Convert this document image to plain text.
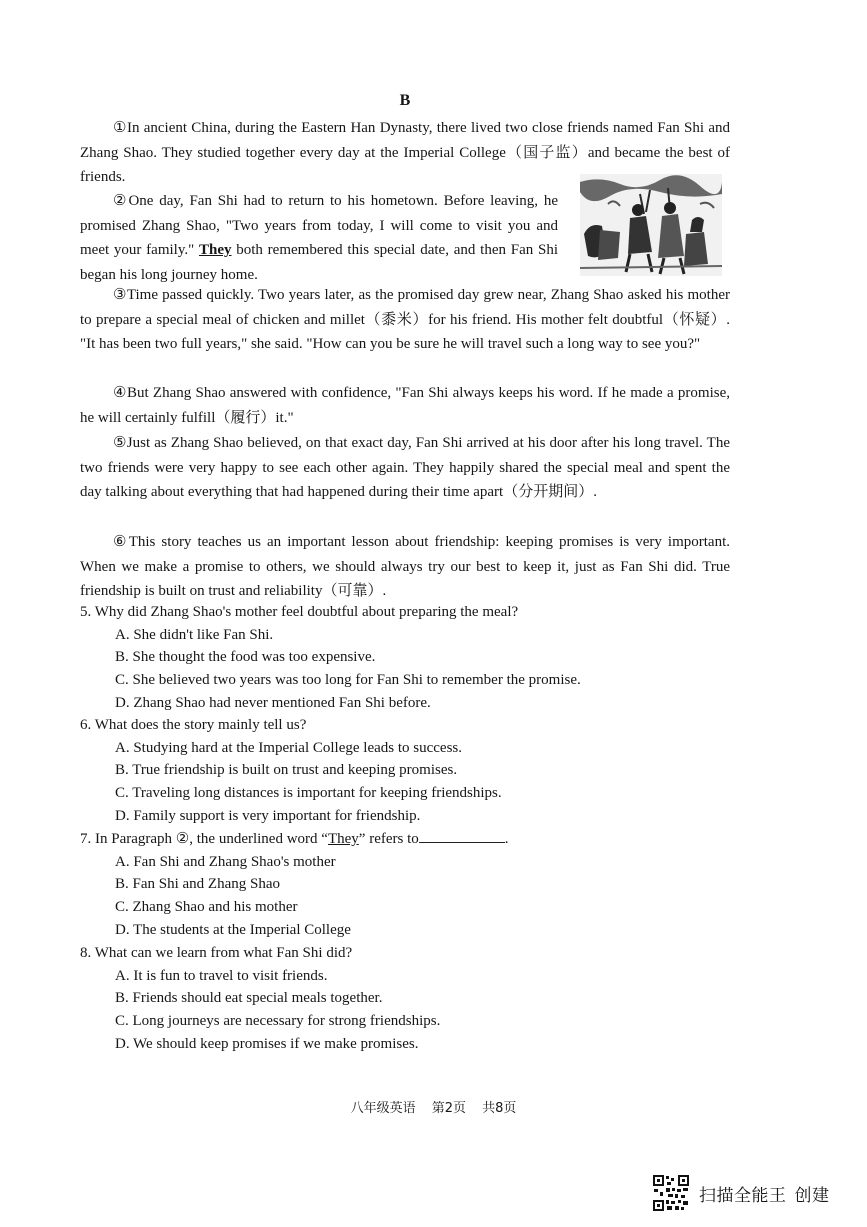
B

①In ancient China, during the Eastern Han Dynasty, there lived two close friends named Fan Shi and Zhang Shao. They studied together every day at the Imperial College（国子监）and became the best of friends.

②One day, Fan Shi had to return to his hometown. Before leaving, he promised Zhang Shao, "Two years from today, I will come to visit you and meet your family." They both remembered this special date, and then Fan Shi began his long journey home.

③Time passed quickly. Two years later, as the promised day grew near, Zhang Shao asked his mother to prepare a special meal of chicken and millet（黍米）for his friend. His mother felt doubtful（怀疑）. "It has been two full years," she said. "How can you be sure he will travel such a long way to see you?"

④But Zhang Shao answered with confidence, "Fan Shi always keeps his word. If he made a promise, he will certainly fulfill（履行）it."

⑤Just as Zhang Shao believed, on that exact day, Fan Shi arrived at his door after his long travel. The two friends were very happy to see each other again. They happily shared the special meal and spent the day talking about everything that had happened during their time apart（分开期间）.

⑥This story teaches us an important lesson about friendship: keeping promises is very important. When we make a promise to others, we should always try our best to keep it, just as Fan Shi did. True friendship is built on trust and reliability（可靠）.

5. Why did Zhang Shao's mother feel doubtful about preparing the meal?
A. She didn't like Fan Shi.
B. She thought the food was too expensive.
C. She believed two years was too long for Fan Shi to remember the promise.
D. Zhang Shao had never mentioned Fan Shi before.
6. What does the story mainly tell us?
A. Studying hard at the Imperial College leads to success.
B. True friendship is built on trust and keeping promises.
C. Traveling long distances is important for keeping friendships.
D. Family support is very important for friendship.
7. In Paragraph ②, the underlined word “They” refers to	.
A. Fan Shi and Zhang Shao's mother
B. Fan Shi and Zhang Shao
C. Zhang Shao and his mother
D. The students at the Imperial College
8. What can we learn from what Fan Shi did?
A. It is fun to travel to visit friends.
B. Friends should eat special meals together.
C. Long journeys are necessary for strong friendships.
D. We should keep promises if we make promises.
八年级英语 第2页 共8页
扫描全能王 创建
